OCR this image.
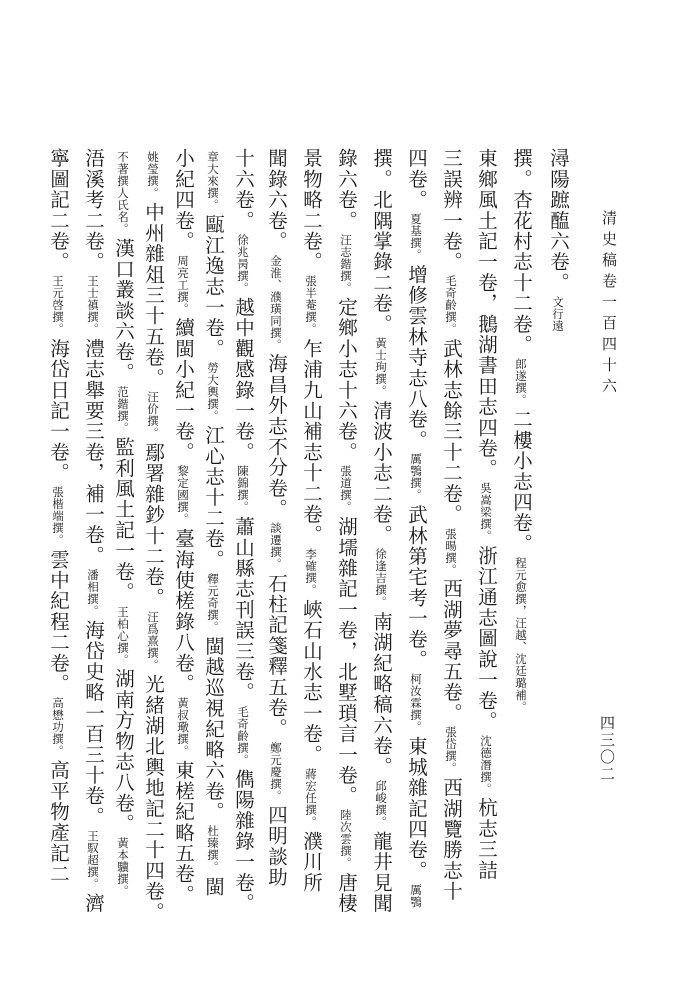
清史稿卷一百四十六
四三〇二
潯陽蹠醢六卷。文行遠
撰。杏花村志十二卷。郎遂撰。二樓小志四卷。程元愈撰，汪越、沈廷璐補。
東鄉風土記一卷，鵝湖書田志四卷。吳嵩梁撰。浙江通志圖說一卷。沈德潛撰。杭志三詰
三誤辨一卷。毛奇齡撰。武林志餘三十二卷。張暘撰。西湖夢尋五卷。張岱撰。西湖覽勝志十
四卷。夏基撰。增修雲林寺志八卷。厲鶚撰。武林第宅考一卷。柯汝霖撰。東城雜記四卷。厲鶚
撰。北隅掌錄二卷。黃士珣撰。清波小志二卷。徐逢吉撰。南湖紀略稿六卷。邱峻撰。龍井見聞
錄六卷。汪志鍇撰。定鄉小志十六卷。張道撰。湖壖雜記一卷，北墅瑣言一卷。陸次雲撰。唐棲
景物略二卷。張半菴撰。乍浦九山補志十二卷。李確撰。峽石山水志一卷。蔣宏任撰。濮川所
聞錄六卷。金淮、濮璜同撰。海昌外志不分卷。談遷撰。石柱記箋釋五卷。鄭元慶撰。四明談助
十六卷。徐兆昺撰。越中觀感錄一卷。陳錦撰。蕭山縣志刊誤三卷。毛奇齡撰。儁陽雜錄一卷。
章大來撰。甌江逸志一卷。勞大輿撰。江心志十二卷。釋元奇撰。閩越巡視紀略六卷。杜臻撰。閩
小紀四卷。周亮工撰。續閩小紀一卷。黎定國撰。臺海使槎錄八卷。黃叔璥撰。東槎紀略五卷。
姚瑩撰。中州雜俎三十五卷。汪价撰。鄢署雜鈔十二卷。汪爲熹撰。光緒湖北輿地記二十四卷。
不著撰人氏名。漢口叢談六卷。范鍇撰。監利風土記一卷。王柏心撰。湖南方物志八卷。黃本驥撰。
浯溪考二卷。王士禛撰。澧志舉要三卷，補一卷。潘相撰。海岱史略一百三十卷。王馭超撰。濟
寧圖記二卷。王元啓撰。海岱日記一卷。張楷端撰。雲中紀程二卷。高懋功撰。高平物產記二
